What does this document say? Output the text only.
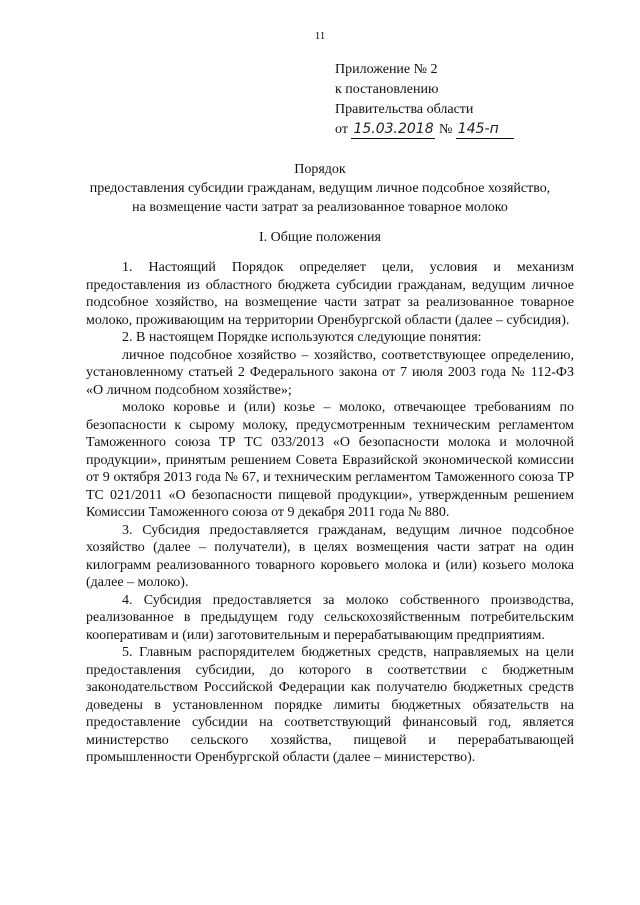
11
Приложение № 2
к постановлению
Правительства области
от 15.03.2018 № 145-п
Порядок
предоставления субсидии гражданам, ведущим личное подсобное хозяйство,
на возмещение части затрат за реализованное товарное молоко
I. Общие положения

1. Настоящий Порядок определяет цели, условия и механизм предоставления из областного бюджета субсидии гражданам, ведущим личное подсобное хозяйство, на возмещение части затрат за реализованное товарное молоко, проживающим на территории Оренбургской области (далее – субсидия).

2. В настоящем Порядке используются следующие понятия:

личное подсобное хозяйство – хозяйство, соответствующее определению, установленному статьей 2 Федерального закона от 7 июля 2003 года № 112-ФЗ «О личном подсобном хозяйстве»;

молоко коровье и (или) козье – молоко, отвечающее требованиям по безопасности к сырому молоку, предусмотренным техническим регламентом Таможенного союза ТР ТС 033/2013 «О безопасности молока и молочной продукции», принятым решением Совета Евразийской экономической комиссии от 9 октября 2013 года № 67, и техническим регламентом Таможенного союза ТР ТС 021/2011 «О безопасности пищевой продукции», утвержденным решением Комиссии Таможенного союза от 9 декабря 2011 года № 880.

3. Субсидия предоставляется гражданам, ведущим личное подсобное хозяйство (далее – получатели), в целях возмещения части затрат на один килограмм реализованного товарного коровьего молока и (или) козьего молока (далее – молоко).

4. Субсидия предоставляется за молоко собственного производства, реализованное в предыдущем году сельскохозяйственным потребительским кооперативам и (или) заготовительным и перерабатывающим предприятиям.

5. Главным распорядителем бюджетных средств, направляемых на цели предоставления субсидии, до которого в соответствии с бюджетным законодательством Российской Федерации как получателю бюджетных средств доведены в установленном порядке лимиты бюджетных обязательств на предоставление субсидии на соответствующий финансовый год, является министерство сельского хозяйства, пищевой и перерабатывающей промышленности Оренбургской области (далее – министерство).
